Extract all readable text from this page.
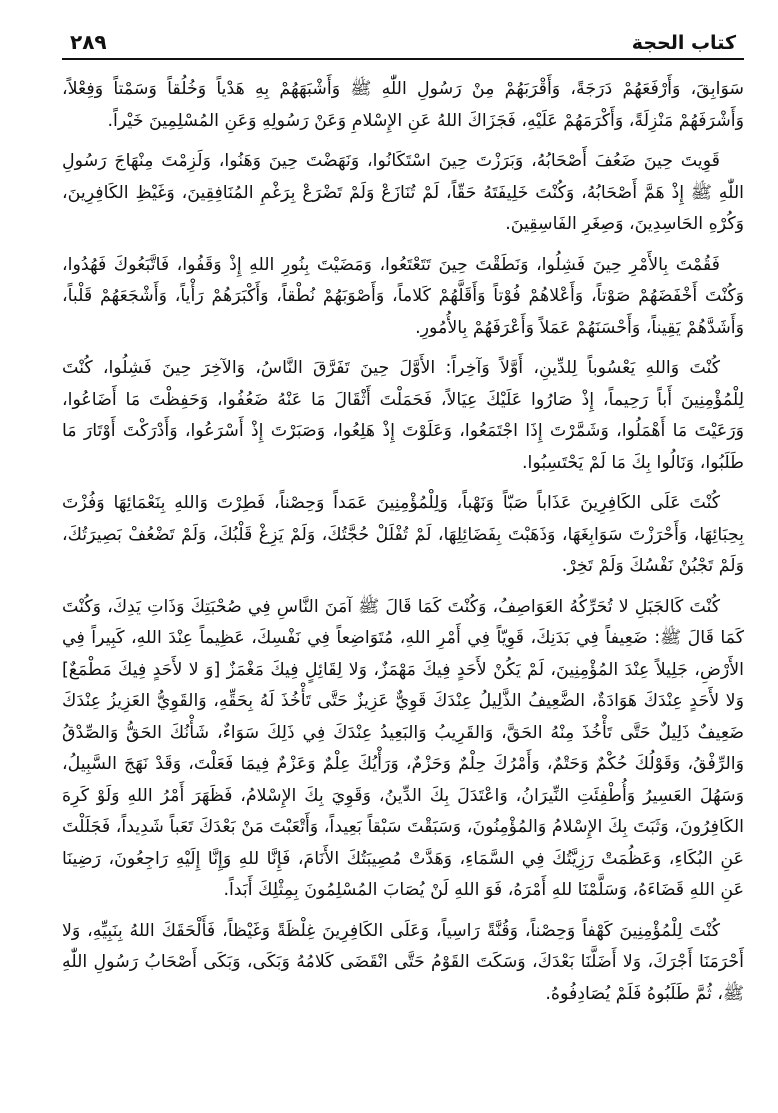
كتاب الحجة
٢٨٩

سَوَابِقَ، وَأَرْفَعَهُمْ دَرَجَةً، وَأَقْرَبَهُمْ مِنْ رَسُولِ اللّٰهِ ﷺ وَأَشْبَهَهُمْ بِهِ هَدْياً وَخُلُقاً وَسَمْتاً وَفِعْلاً، وَأَشْرَفَهُمْ مَنْزِلَةً، وَأَكْرَمَهُمْ عَلَيْهِ، فَجَزَاكَ اللهُ عَنِ الإِسْلامِ وَعَنْ رَسُولِهِ وَعَنِ المُسْلِمِينَ خَيْراً.

قَوِيتَ حِينَ ضَعُفَ أَصْحَابُهُ، وَبَرَزْتَ حِينَ اسْتَكَانُوا، وَنَهَضْتَ حِينَ وَهَنُوا، وَلَزِمْتَ مِنْهَاجَ رَسُولِ اللّٰهِ ﷺ إِذْ هَمَّ أَصْحَابُهُ، وَكُنْتَ خَلِيفَتَهُ حَقّاً، لَمْ تُنَازَعْ وَلَمْ تَضْرَعْ بِرَغْمِ المُنَافِقِينَ، وَغَيْظِ الكَافِرِينَ، وَكُرْهِ الحَاسِدِينَ، وَصِغَرِ الفَاسِقِينَ.

فَقُمْتَ بِالأَمْرِ حِينَ فَشِلُوا، وَنَطَقْتَ حِينَ تَتَعْتَعُوا، وَمَضَيْتَ بِنُورِ اللهِ إِذْ وَقَفُوا، فَاتَّبَعُوكَ فَهُدُوا، وَكُنْتَ أَخْفَضَهُمْ صَوْتاً، وَأَعْلاهُمْ فُوْتاً وَأَقَلَّهُمْ كَلاماً، وَأَصْوَبَهُمْ نُطْقاً، وَأَكْبَرَهُمْ رَأْياً، وَأَشْجَعَهُمْ قَلْباً، وَأَشَدَّهُمْ يَقِيناً، وَأَحْسَنَهُمْ عَمَلاً وَأَعْرَفَهُمْ بِالأُمُورِ.

كُنْتَ وَاللهِ يَعْسُوباً لِلدِّينِ، أَوَّلاً وَآخِراً: الأَوَّلَ حِينَ تَفَرَّقَ النَّاسُ، وَالآخِرَ حِينَ فَشِلُوا، كُنْتَ لِلْمُؤْمِنِينَ أَباً رَحِيماً، إِذْ صَارُوا عَلَيْكَ عِيَالاً، فَحَمَلْتَ أَثْقَالَ مَا عَنْهُ ضَعُفُوا، وَحَفِظْتَ مَا أَضَاعُوا، وَرَعَيْتَ مَا أَهْمَلُوا، وَشَمَّرْتَ إِذَا اجْتَمَعُوا، وَعَلَوْتَ إِذْ هَلِعُوا، وَصَبَرْتَ إِذْ أَسْرَعُوا، وَأَدْرَكْتَ أَوْتَارَ مَا طَلَبُوا، وَنَالُوا بِكَ مَا لَمْ يَحْتَسِبُوا.

كُنْتَ عَلَى الكَافِرِينَ عَذَاباً صَبّاً وَنَهْباً، وَلِلْمُؤْمِنِينَ عَمَداً وَحِصْناً، فَطِرْتَ وَاللهِ بِنَعْمَائِهَا وَفُزْتَ بِحِبَائِهَا، وَأَحْرَزْتَ سَوَابِغَهَا، وَذَهَبْتَ بِفَضَائِلِهَا، لَمْ تُفْلَلْ حُجَّتُكَ، وَلَمْ يَزِغْ قَلْبُكَ، وَلَمْ تَضْعُفْ بَصِيرَتُكَ، وَلَمْ تَجْبُنْ نَفْسُكَ وَلَمْ تَخِرْ.

كُنْتَ كَالجَبَلِ لا تُحَرِّكُهُ العَوَاصِفُ، وَكُنْتَ كَمَا قَالَ ﷺ آمَنَ النَّاسِ فِي صُحْبَتِكَ وَذَاتِ يَدِكَ، وَكُنْتَ كَمَا قَالَ ﷺ: ضَعِيفاً فِي بَدَنِكَ، قَوِيّاً فِي أَمْرِ اللهِ، مُتَوَاضِعاً فِي نَفْسِكَ، عَظِيماً عِنْدَ اللهِ، كَبِيراً فِي الأَرْضِ، جَلِيلاً عِنْدَ المُؤْمِنِينَ، لَمْ يَكُنْ لأَحَدٍ فِيكَ مَهْمَزٌ، وَلا لِقَائِلٍ فِيكَ مَغْمَزٌ [وَ لا لأَحَدٍ فِيكَ مَطْمَعٌ] وَلا لأَحَدٍ عِنْدَكَ هَوَادَةٌ، الضَّعِيفُ الذَّلِيلُ عِنْدَكَ قَوِيٌّ عَزِيزٌ حَتَّى تَأْخُذَ لَهُ بِحَقِّهِ، وَالقَوِيُّ العَزِيزُ عِنْدَكَ ضَعِيفٌ ذَلِيلٌ حَتَّى تَأْخُذَ مِنْهُ الحَقَّ، وَالقَرِيبُ وَالبَعِيدُ عِنْدَكَ فِي ذَلِكَ سَوَاءٌ، شَأْنُكَ الحَقُّ وَالصِّدْقُ وَالرِّفْقُ، وَقَوْلُكَ حُكْمٌ وَحَتْمٌ، وَأَمْرُكَ حِلْمٌ وَحَزْمٌ، وَرَأْيُكَ عِلْمٌ وَعَزْمٌ فِيمَا فَعَلْتَ، وَقَدْ نَهَجَ السَّبِيلُ، وَسَهُلَ العَسِيرُ وَأُطْفِئَتِ النِّيرَانُ، وَاعْتَدَلَ بِكَ الدِّينُ، وَقَوِيَ بِكَ الإِسْلامُ، فَظَهَرَ أَمْرُ اللهِ وَلَوْ كَرِهَ الكَافِرُونَ، وَثَبَتَ بِكَ الإِسْلامُ وَالمُؤْمِنُونَ، وَسَبَقْتَ سَبْقاً بَعِيداً، وَأَتْعَبْتَ مَنْ بَعْدَكَ تَعَباً شَدِيداً، فَجَلَلْتَ عَنِ البُكَاءِ، وَعَظُمَتْ رَزِيَّتُكَ فِي السَّمَاءِ، وَهَدَّتْ مُصِيبَتُكَ الأَنَامَ، فَإِنَّا للهِ وَإِنَّا إِلَيْهِ رَاجِعُونَ، رَضِينَا عَنِ اللهِ قَضَاءَهُ، وَسَلَّمْنَا للهِ أَمْرَهُ، فَوَ اللهِ لَنْ يُصَابَ المُسْلِمُونَ بِمِثْلِكَ أَبَداً.

كُنْتَ لِلْمُؤْمِنِينَ كَهْفاً وَحِصْناً، وَقُنَّةً رَاسِياً، وَعَلَى الكَافِرِينَ غِلْظَةً وَغَيْظاً، فَأَلْحَقَكَ اللهُ بِنَبِيِّهِ، وَلا أَحْرَمَنَا أَجْرَكَ، وَلا أَضَلَّنَا بَعْدَكَ، وَسَكَتَ القَوْمُ حَتَّى انْقَضَى كَلامُهُ وَبَكَى، وَبَكَى أَصْحَابُ رَسُولِ اللّٰهِ ﷺ، ثُمَّ طَلَبُوهُ فَلَمْ يُصَادِفُوهُ.
